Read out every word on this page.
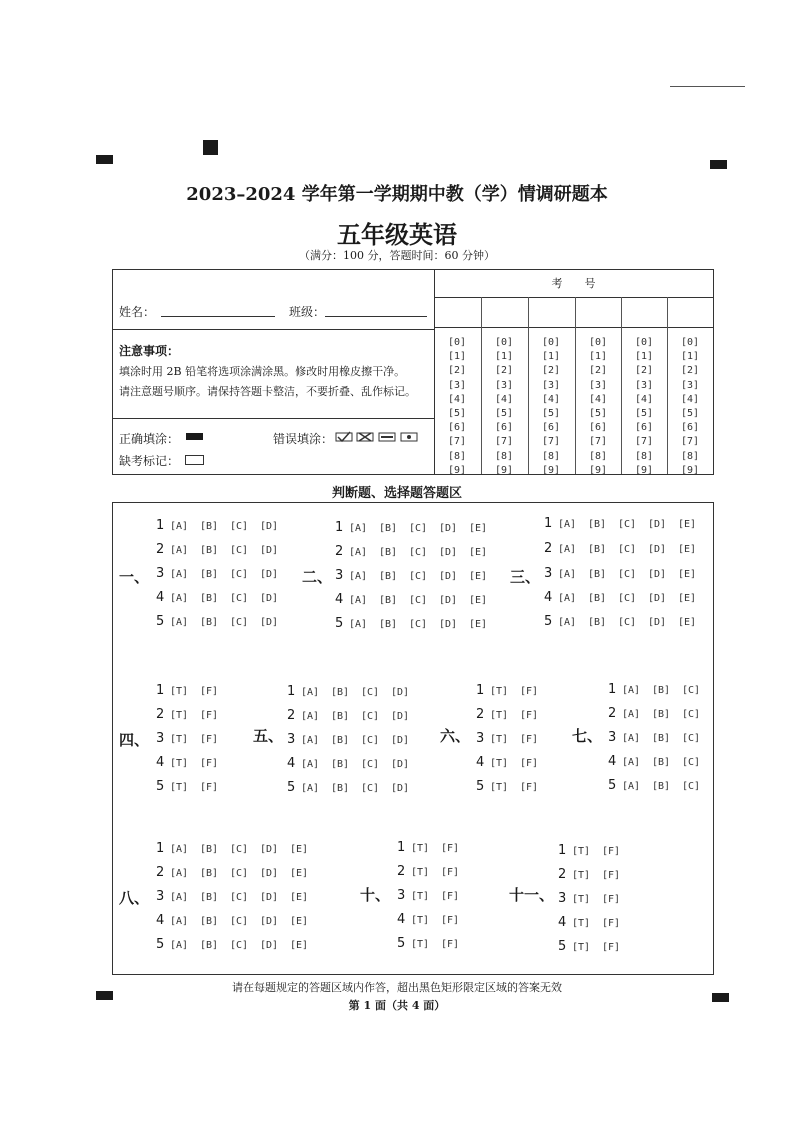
2023–2024 学年第一学期期中教（学）情调研题本
五年级英语
（满分：100 分，答题时间：60 分钟）
姓名：	班级：
注意事项：
填涂时用 2B 铅笔将选项涂满涂黑。修改时用橡皮擦干净。
请注意题号顺序。请保持答题卡整洁，不要折叠、乱作标记。
正确填涂：	错误填涂：
缺考标记：
考　　号
[0]
[1]
[2]
[3]
[4]
[5]
[6]
[7]
[8]
[9]
[0]
[1]
[2]
[3]
[4]
[5]
[6]
[7]
[8]
[9]
[0]
[1]
[2]
[3]
[4]
[5]
[6]
[7]
[8]
[9]
[0]
[1]
[2]
[3]
[4]
[5]
[6]
[7]
[8]
[9]
[0]
[1]
[2]
[3]
[4]
[5]
[6]
[7]
[8]
[9]
[0]
[1]
[2]
[3]
[4]
[5]
[6]
[7]
[8]
[9]
判断题、选择题答题区
一、
1 [A] [B] [C] [D]
2 [A] [B] [C] [D]
3 [A] [B] [C] [D]
4 [A] [B] [C] [D]
5 [A] [B] [C] [D]
二、
1 [A] [B] [C] [D] [E]
2 [A] [B] [C] [D] [E]
3 [A] [B] [C] [D] [E]
4 [A] [B] [C] [D] [E]
5 [A] [B] [C] [D] [E]
三、
1 [A] [B] [C] [D] [E]
2 [A] [B] [C] [D] [E]
3 [A] [B] [C] [D] [E]
4 [A] [B] [C] [D] [E]
5 [A] [B] [C] [D] [E]
四、
1 [T] [F]
2 [T] [F]
3 [T] [F]
4 [T] [F]
5 [T] [F]
五、
1 [A] [B] [C] [D]
2 [A] [B] [C] [D]
3 [A] [B] [C] [D]
4 [A] [B] [C] [D]
5 [A] [B] [C] [D]
六、
1 [T] [F]
2 [T] [F]
3 [T] [F]
4 [T] [F]
5 [T] [F]
七、
1 [A] [B] [C]
2 [A] [B] [C]
3 [A] [B] [C]
4 [A] [B] [C]
5 [A] [B] [C]
八、
1 [A] [B] [C] [D] [E]
2 [A] [B] [C] [D] [E]
3 [A] [B] [C] [D] [E]
4 [A] [B] [C] [D] [E]
5 [A] [B] [C] [D] [E]
十、
1 [T] [F]
2 [T] [F]
3 [T] [F]
4 [T] [F]
5 [T] [F]
十一、
1 [T] [F]
2 [T] [F]
3 [T] [F]
4 [T] [F]
5 [T] [F]
请在每题规定的答题区域内作答，超出黑色矩形限定区域的答案无效
第 1 面（共 4 面）
